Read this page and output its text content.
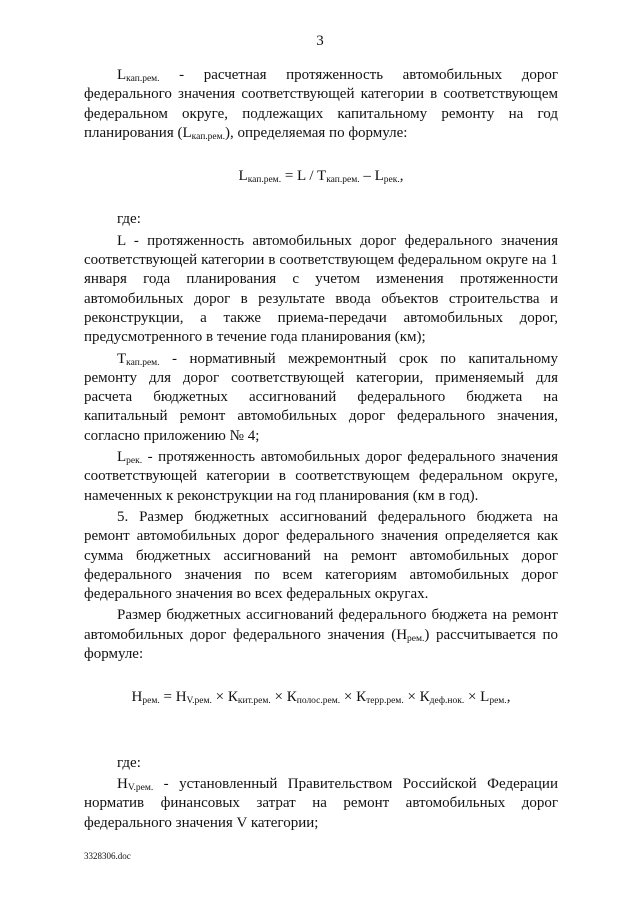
3

$L_{кап.рем.}$ - расчетная протяженность автомобильных дорог федерального значения соответствующей категории в соответствующем федеральном округе, подлежащих капитальному ремонту на год планирования $(L_{кап.рем.})$, определяемая по формуле:

$L_{кап.рем.} = L / T_{кап.рем.} - L_{рек.}$,

где:

L - протяженность автомобильных дорог федерального значения соответствующей категории в соответствующем федеральном округе на 1 января года планирования с учетом изменения протяженности автомобильных дорог в результате ввода объектов строительства и реконструкции, а также приема-передачи автомобильных дорог, предусмотренного в течение года планирования (км);

$T_{кап.рем.}$ - нормативный межремонтный срок по капитальному ремонту для дорог соответствующей категории, применяемый для расчета бюджетных ассигнований федерального бюджета на капитальный ремонт автомобильных дорог федерального значения, согласно приложению № 4;

$L_{рек.}$ - протяженность автомобильных дорог федерального значения соответствующей категории в соответствующем федеральном округе, намеченных к реконструкции на год планирования (км в год).

5. Размер бюджетных ассигнований федерального бюджета на ремонт автомобильных дорог федерального значения определяется как сумма бюджетных ассигнований на ремонт автомобильных дорог федерального значения по всем категориям автомобильных дорог федерального значения во всех федеральных округах.

Размер бюджетных ассигнований федерального бюджета на ремонт автомобильных дорог федерального значения $(Н_{рем.})$ рассчитывается по формуле:

$Н_{рем.} = Н_{V.рем.} \times К_{кит.рем.} \times К_{полос.рем.} \times К_{терр.рем.} \times К_{деф.нок.} \times L_{рем.}$,

где:

$Н_{V.рем.}$ - установленный Правительством Российской Федерации норматив финансовых затрат на ремонт автомобильных дорог федерального значения V категории;

3328306.doc
